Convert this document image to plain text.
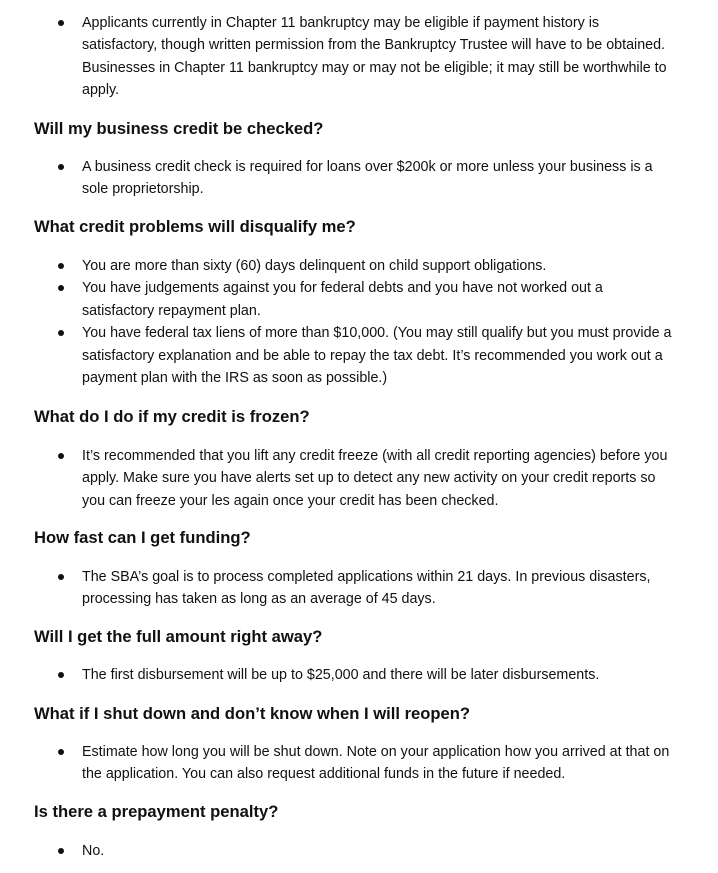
Applicants currently in Chapter 11 bankruptcy may be eligible if payment history is satisfactory, though written permission from the Bankruptcy Trustee will have to be obtained. Businesses in Chapter 11 bankruptcy may or may not be eligible; it may still be worthwhile to apply.
Will my business credit be checked?
A business credit check is required for loans over $200k or more unless your business is a sole proprietorship.
What credit problems will disqualify me?
You are more than sixty (60) days delinquent on child support obligations.
You have judgements against you for federal debts and you have not worked out a satisfactory repayment plan.
You have federal tax liens of more than $10,000. (You may still qualify but you must provide a satisfactory explanation and be able to repay the tax debt. It’s recommended you work out a payment plan with the IRS as soon as possible.)
What do I do if my credit is frozen?
It’s recommended that you lift any credit freeze (with all credit reporting agencies) before you apply. Make sure you have alerts set up to detect any new activity on your credit reports so you can freeze your les again once your credit has been checked.
How fast can I get funding?
The SBA’s goal is to process completed applications within 21 days. In previous disasters, processing has taken as long as an average of 45 days.
Will I get the full amount right away?
The first disbursement will be up to $25,000 and there will be later disbursements.
What if I shut down and don’t know when I will reopen?
Estimate how long you will be shut down. Note on your application how you arrived at that on the application. You can also request additional funds in the future if needed.
Is there a prepayment penalty?
No.
